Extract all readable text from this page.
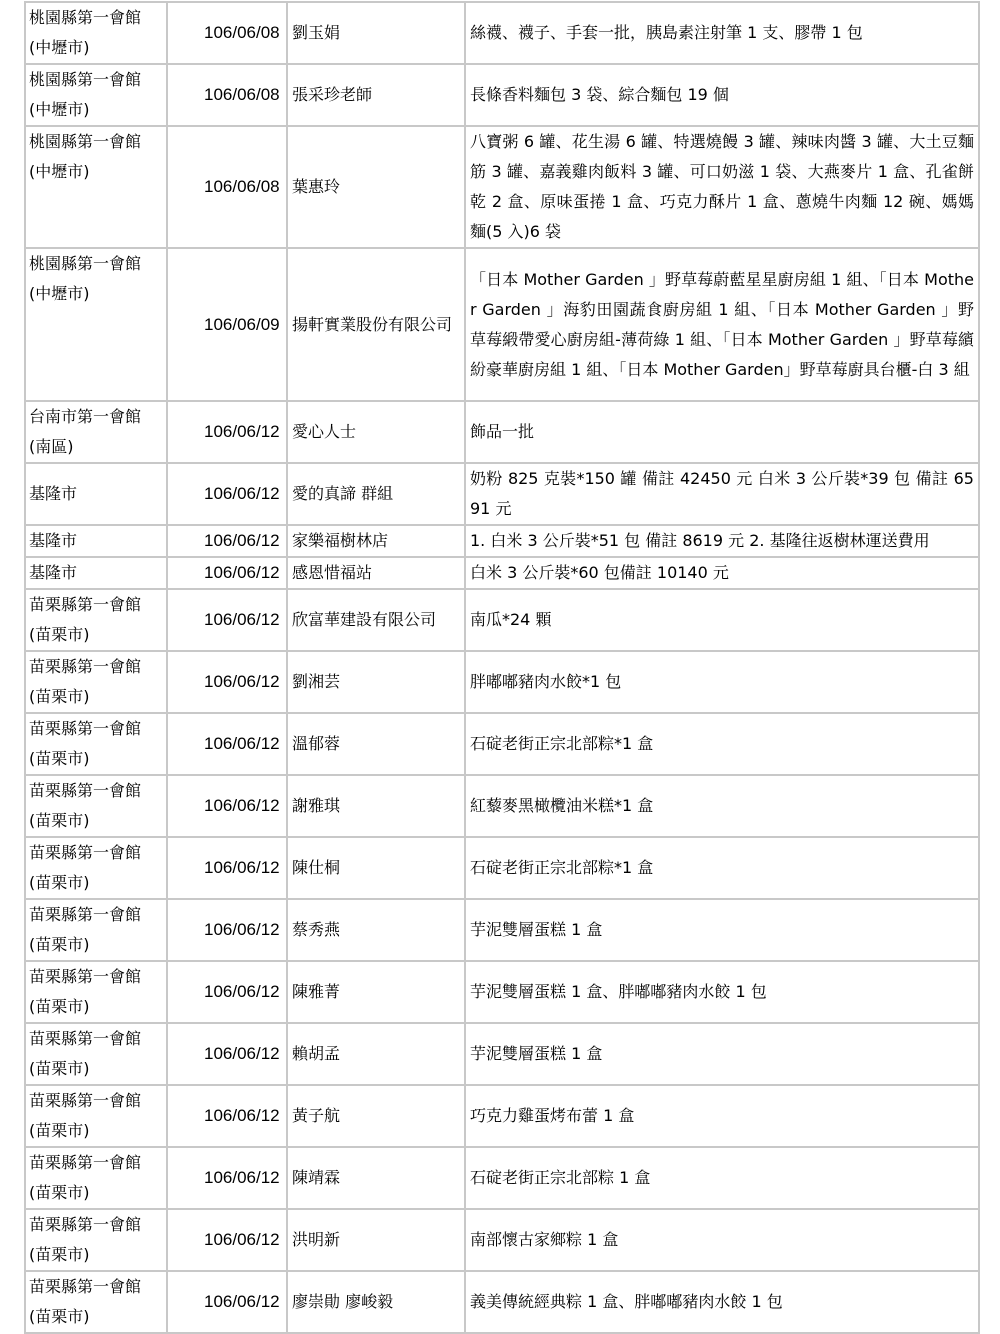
桃園縣第一會館
(中壢市)	106/06/08	劉玉娟	絲襪、襪子、手套一批，胰島素注射筆 1 支、膠帶 1 包
桃園縣第一會館
(中壢市)	106/06/08	張采珍老師	長條香料麵包 3 袋、綜合麵包 19 個
桃園縣第一會館
(中壢市)	106/06/08	葉惠玲	八寶粥 6 罐、花生湯 6 罐、特選燒饅 3 罐、辣味肉醬 3 罐、大土豆麵筋 3 罐、嘉義雞肉飯料 3 罐、可口奶滋 1 袋、大燕麥片 1 盒、孔雀餅乾 2 盒、原味蛋捲 1 盒、巧克力酥片 1 盒、蔥燒牛肉麵 12 碗、媽媽麵(5 入)6 袋
桃園縣第一會館
(中壢市)	106/06/09	揚軒實業股份有限公司	「日本 Mother Garden 」野草莓蔚藍星星廚房組 1 組、「日本 Mother Garden 」海豹田園蔬食廚房組 1 組、「日本 Mother Garden 」野草莓緞帶愛心廚房組-薄荷綠 1 組、「日本 Mother Garden 」野草莓繽紛豪華廚房組 1 組、「日本 Mother Garden」野草莓廚具台櫃-白 3 組
台南市第一會館
(南區)	106/06/12	愛心人士	飾品一批
基隆市	106/06/12	愛的真諦 群組	奶粉 825 克裝*150 罐 備註 42450 元 白米 3 公斤裝*39 包 備註 6591 元
基隆市	106/06/12	家樂福樹林店	1. 白米 3 公斤裝*51 包 備註 8619 元 2. 基隆往返樹林運送費用
基隆市	106/06/12	感恩惜福站	白米 3 公斤裝*60 包備註 10140 元
苗栗縣第一會館
(苗栗市)	106/06/12	欣富華建設有限公司	南瓜*24 顆
苗栗縣第一會館
(苗栗市)	106/06/12	劉湘芸	胖嘟嘟豬肉水餃*1 包
苗栗縣第一會館
(苗栗市)	106/06/12	溫郁蓉	石碇老街正宗北部粽*1 盒
苗栗縣第一會館
(苗栗市)	106/06/12	謝雅琪	紅藜麥黑橄欖油米糕*1 盒
苗栗縣第一會館
(苗栗市)	106/06/12	陳仕桐	石碇老街正宗北部粽*1 盒
苗栗縣第一會館
(苗栗市)	106/06/12	蔡秀燕	芋泥雙層蛋糕 1 盒
苗栗縣第一會館
(苗栗市)	106/06/12	陳雅菁	芋泥雙層蛋糕 1 盒、胖嘟嘟豬肉水餃 1 包
苗栗縣第一會館
(苗栗市)	106/06/12	賴胡孟	芋泥雙層蛋糕 1 盒
苗栗縣第一會館
(苗栗市)	106/06/12	黃子航	巧克力雞蛋烤布蕾 1 盒
苗栗縣第一會館
(苗栗市)	106/06/12	陳靖霖	石碇老街正宗北部粽 1 盒
苗栗縣第一會館
(苗栗市)	106/06/12	洪明新	南部懷古家鄉粽 1 盒
苗栗縣第一會館
(苗栗市)	106/06/12	廖崇勛 廖峻毅	義美傳統經典粽 1 盒、胖嘟嘟豬肉水餃 1 包
